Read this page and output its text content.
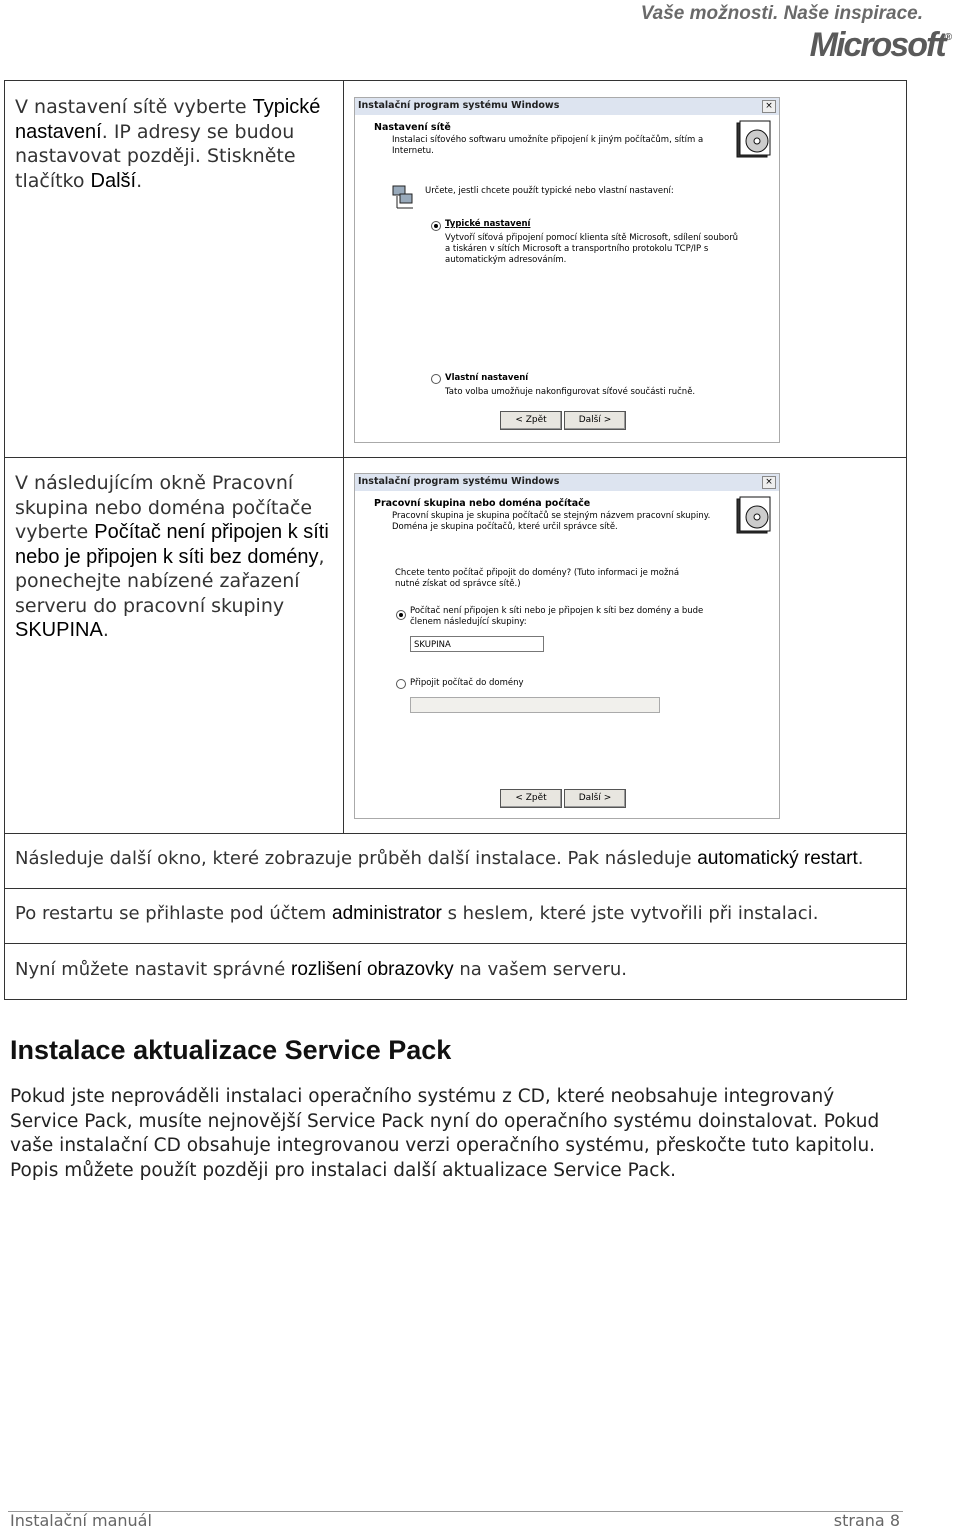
Vaše možnosti. Naše inspirace.
Microsoft®
V nastavení sítě vyberte Typické nastavení. IP adresy se budou nastavovat později. Stiskněte tlačítko Další.
Instalační program systému Windows	×
Nastavení sítě
Instalaci síťového softwaru umožníte připojení k jiným počítačům, sítím a Internetu.
Určete, jestli chcete použít typické nebo vlastní nastavení:
Typické nastavení
Vytvoří síťová připojení pomocí klienta sítě Microsoft, sdílení souborů a tiskáren v sítích Microsoft a transportního protokolu TCP/IP s automatickým adresováním.
Vlastní nastavení
Tato volba umožňuje nakonfigurovat síťové součásti ručně.
< Zpět	Další >
V následujícím okně Pracovní skupina nebo doména počítače vyberte Počítač není připojen k síti nebo je připojen k síti bez domény, ponechejte nabízené zařazení serveru do pracovní skupiny SKUPINA.
Instalační program systému Windows	×
Pracovní skupina nebo doména počítače
Pracovní skupina je skupina počítačů se stejným názvem pracovní skupiny. Doména je skupina počítačů, které určil správce sítě.
Chcete tento počítač připojit do domény? (Tuto informaci je možná nutné získat od správce sítě.)
Počítač není připojen k síti nebo je připojen k síti bez domény a bude členem následující skupiny:
SKUPINA
Připojit počítač do domény
< Zpět	Další >
Následuje další okno, které zobrazuje průběh další instalace. Pak následuje automatický restart.
Po restartu se přihlaste pod účtem administrator s heslem, které jste vytvořili při instalaci.
Nyní můžete nastavit správné rozlišení obrazovky na vašem serveru.
Instalace aktualizace Service Pack
Pokud jste neprováděli instalaci operačního systému z CD, které neobsahuje integrovaný Service Pack, musíte nejnovější Service Pack nyní do operačního systému doinstalovat. Pokud vaše instalační CD obsahuje integrovanou verzi operačního systému, přeskočte tuto kapitolu. Popis můžete použít později pro instalaci další aktualizace Service Pack.
Instalační manuál	strana 8
